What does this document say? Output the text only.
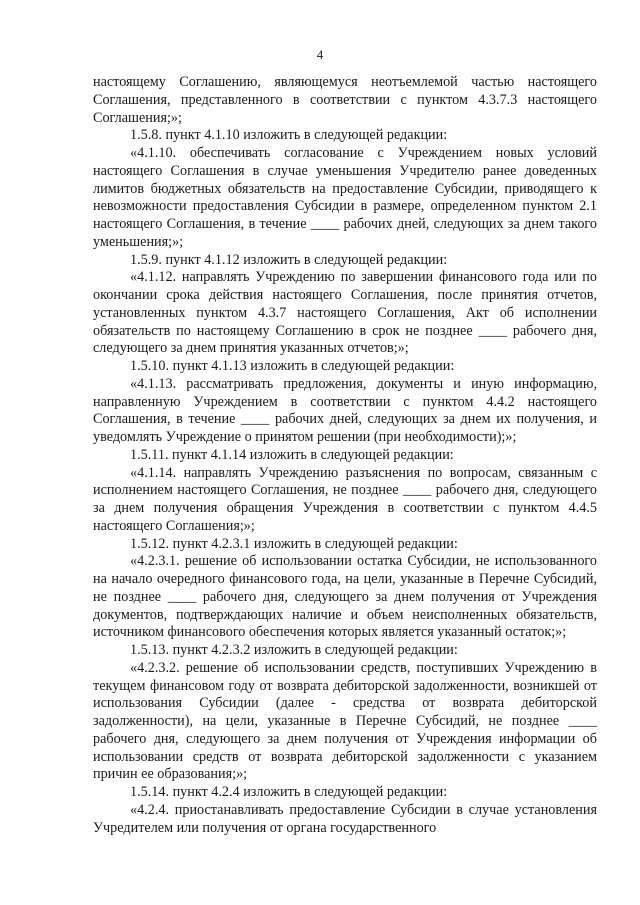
4

настоящему Соглашению, являющемуся неотъемлемой частью настоящего Соглашения, представленного в соответствии с пунктом 4.3.7.3 настоящего Соглашения;»;

1.5.8. пункт 4.1.10 изложить в следующей редакции:

«4.1.10. обеспечивать согласование с Учреждением новых условий настоящего Соглашения в случае уменьшения Учредителю ранее доведенных лимитов бюджетных обязательств на предоставление Субсидии, приводящего к невозможности предоставления Субсидии в размере, определенном пунктом 2.1 настоящего Соглашения, в течение ____ рабочих дней, следующих за днем такого уменьшения;»;

1.5.9. пункт 4.1.12 изложить в следующей редакции:

«4.1.12. направлять Учреждению по завершении финансового года или по окончании срока действия настоящего Соглашения, после принятия отчетов, установленных пунктом 4.3.7 настоящего Соглашения, Акт об исполнении обязательств по настоящему Соглашению в срок не позднее ____ рабочего дня, следующего за днем принятия указанных отчетов;»;

1.5.10. пункт 4.1.13 изложить в следующей редакции:

«4.1.13. рассматривать предложения, документы и иную информацию, направленную Учреждением в соответствии с пунктом 4.4.2 настоящего Соглашения, в течение ____ рабочих дней, следующих за днем их получения, и уведомлять Учреждение о принятом решении (при необходимости);»;

1.5.11. пункт 4.1.14 изложить в следующей редакции:

«4.1.14. направлять Учреждению разъяснения по вопросам, связанным с исполнением настоящего Соглашения, не позднее ____ рабочего дня, следующего за днем получения обращения Учреждения в соответствии с пунктом 4.4.5 настоящего Соглашения;»;

1.5.12. пункт 4.2.3.1 изложить в следующей редакции:

«4.2.3.1. решение об использовании остатка Субсидии, не использованного на начало очередного финансового года, на цели, указанные в Перечне Субсидий, не позднее ____ рабочего дня, следующего за днем получения от Учреждения документов, подтверждающих наличие и объем неисполненных обязательств, источником финансового обеспечения которых является указанный остаток;»;

1.5.13. пункт 4.2.3.2 изложить в следующей редакции:

«4.2.3.2. решение об использовании средств, поступивших Учреждению в текущем финансовом году от возврата дебиторской задолженности, возникшей от использования Субсидии (далее - средства от возврата дебиторской задолженности), на цели, указанные в Перечне Субсидий, не позднее ____ рабочего дня, следующего за днем получения от Учреждения информации об использовании средств от возврата дебиторской задолженности с указанием причин ее образования;»;

1.5.14. пункт 4.2.4 изложить в следующей редакции:

«4.2.4. приостанавливать предоставление Субсидии в случае установления Учредителем или получения от органа государственного
